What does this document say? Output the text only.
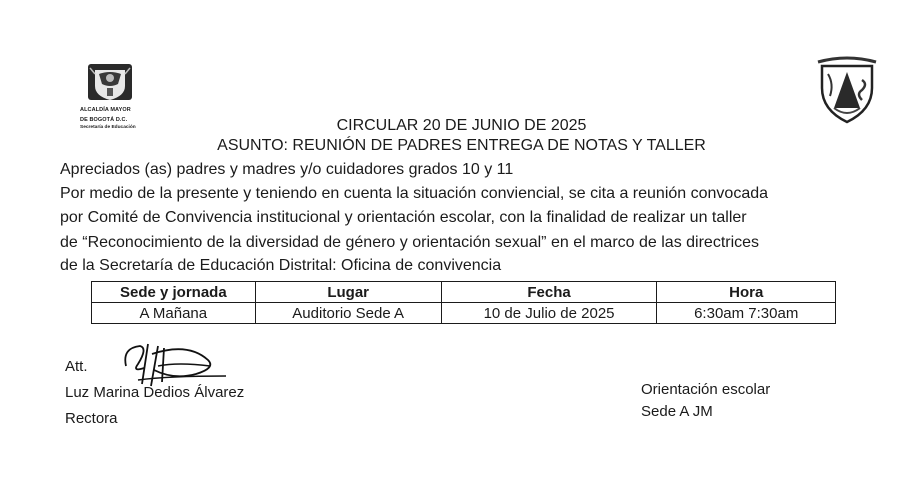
ALCALDÍA MAYOR
DE BOGOTÁ D.C.
Secretaría de Educación	CIRCULAR 20 DE JUNIO DE 2025
ASUNTO: REUNIÓN DE PADRES ENTREGA DE NOTAS Y TALLER
Apreciados (as) padres y madres y/o cuidadores grados 10 y 11
Por medio de la presente y teniendo en cuenta la situación conviencial, se cita a reunión convocada
por Comité de Convivencia institucional y orientación escolar, con la finalidad de realizar un taller
de “Reconocimiento de la diversidad de género y orientación sexual” en el marco de las directrices
de la Secretaría de Educación Distrital: Oficina de convivencia
Sede y jornada	Lugar	Fecha	Hora
A Mañana	Auditorio Sede A	10 de Julio de 2025	6:30am 7:30am
Att.
Luz Marina Dedios Álvarez
Rectora
Orientación escolar
Sede A JM
